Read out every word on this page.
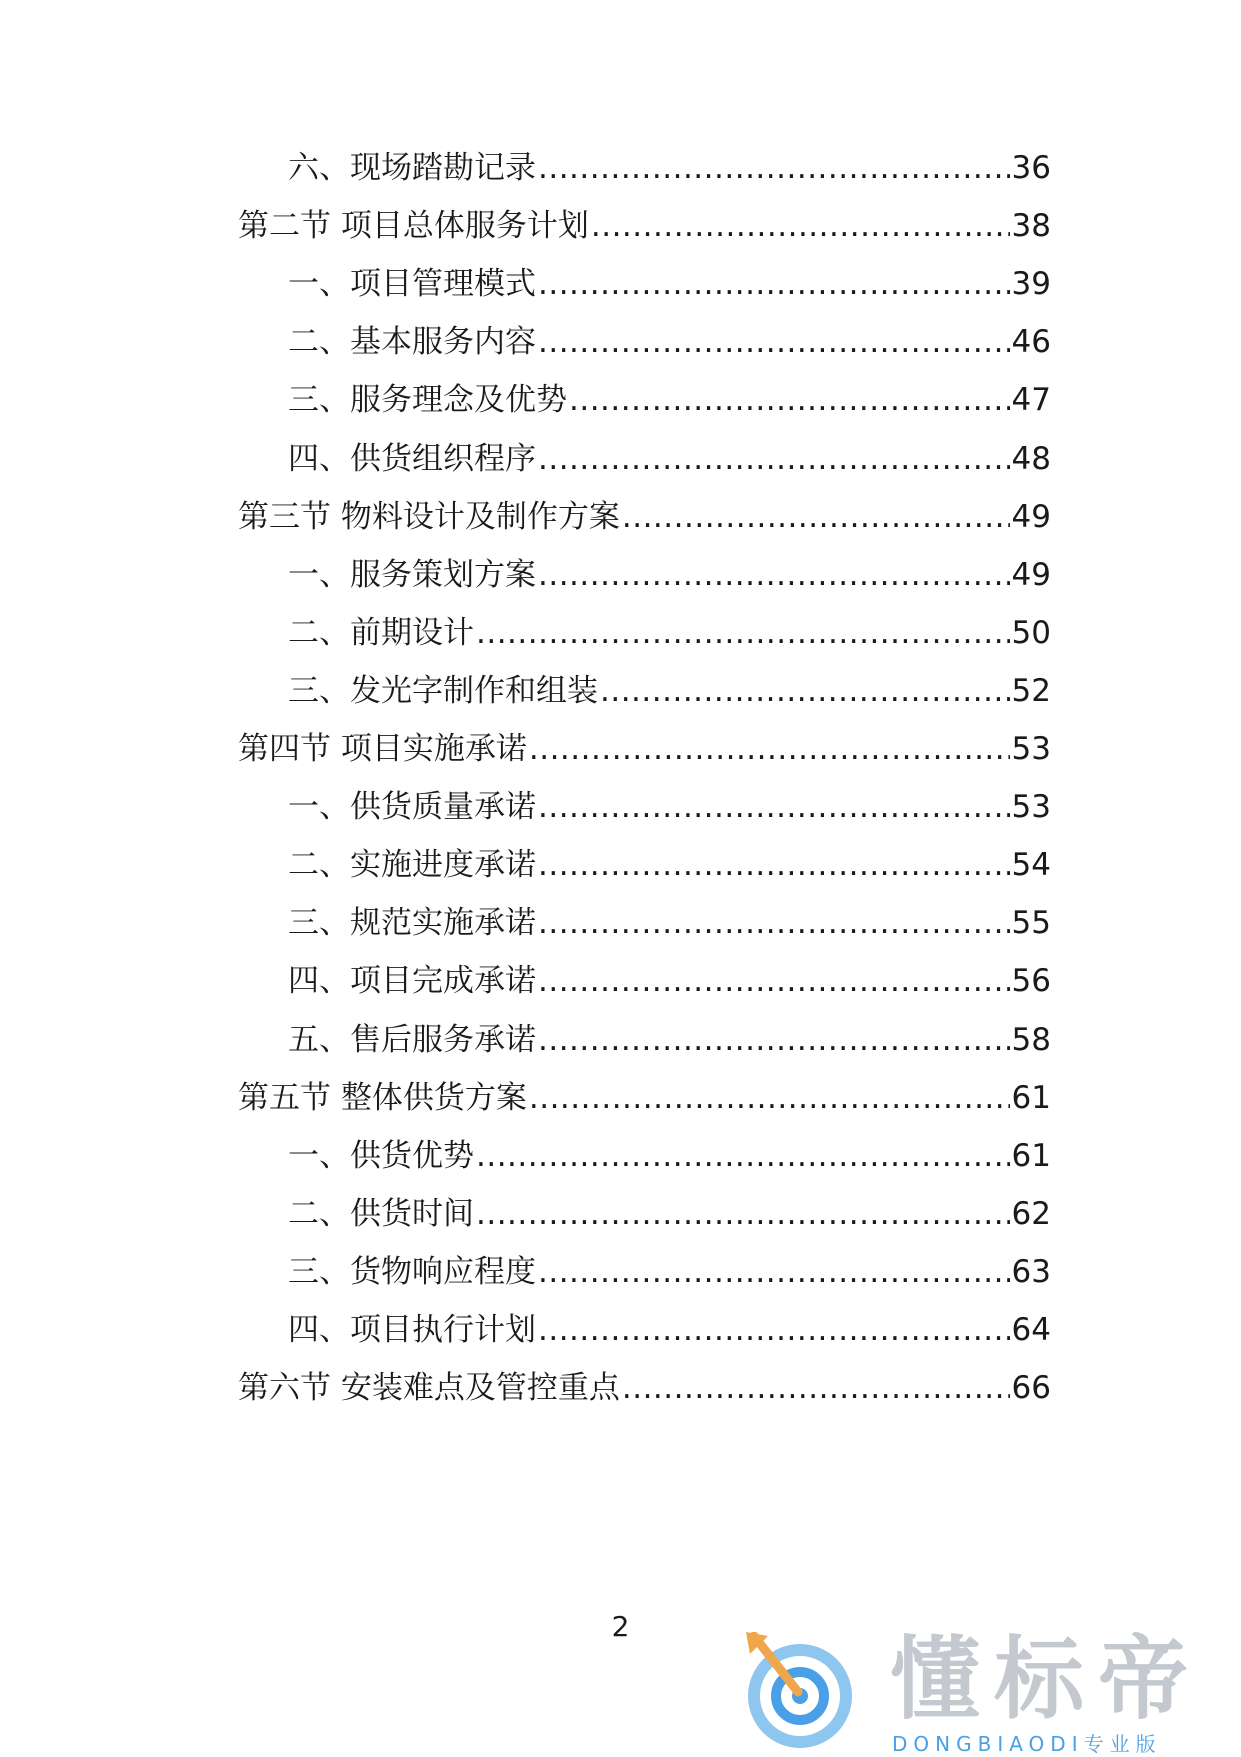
六、现场踏勘记录 .....	36
第二节 项目总体服务计划 .....	38
一、项目管理模式 .....	39
二、基本服务内容 .....	46
三、服务理念及优势 .....	47
四、供货组织程序 .....	48
第三节 物料设计及制作方案 .....	49
一、服务策划方案 .....	49
二、前期设计 .....	50
三、发光字制作和组装 .....	52
第四节 项目实施承诺 .....	53
一、供货质量承诺 .....	53
二、实施进度承诺 .....	54
三、规范实施承诺 .....	55
四、项目完成承诺 .....	56
五、售后服务承诺 .....	58
第五节 整体供货方案 .....	61
一、供货优势 .....	61
二、供货时间 .....	62
三、货物响应程度 .....	63
四、项目执行计划 .....	64
第六节 安装难点及管控重点 .....	66
2
懂标帝
DONGBIAODI专业版
